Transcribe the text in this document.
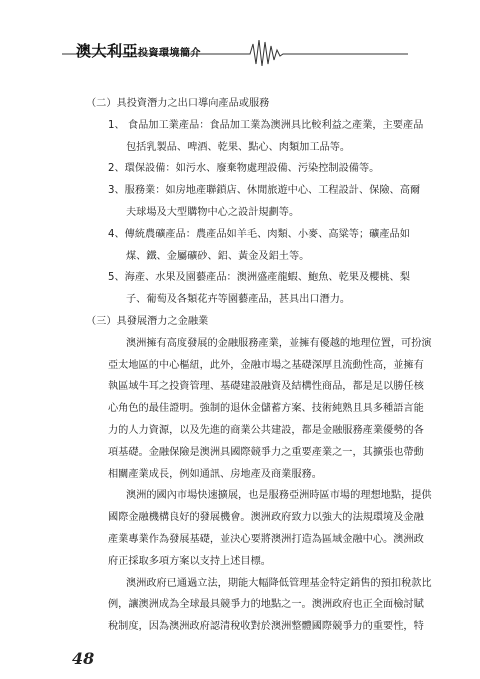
澳大利亞投資環境簡介
（二）具投資潛力之出口導向產品或服務
1、 食品加工業產品：食品加工業為澳洲具比較利益之產業，主要產品
包括乳製品、啤酒、乾果、點心、肉類加工品等。
2、環保設備：如污水、廢棄物處理設備、污染控制設備等。
3、服務業：如房地產聯鎖店、休閒旅遊中心、工程設計、保險、高爾
夫球場及大型購物中心之設計規劃等。
4、傳統農礦產品：農產品如羊毛、肉類、小麥、高粱等；礦產品如
煤、鐵、金屬礦砂、鋁、黃金及鋁土等。
5、海產、水果及園藝產品：澳洲盛產龍蝦、鮑魚、乾果及櫻桃、梨
子、葡萄及各類花卉等園藝產品，甚具出口潛力。
（三）具發展潛力之金融業
澳洲擁有高度發展的金融服務產業，並擁有優越的地理位置，可扮演
亞太地區的中心樞紐，此外，金融市場之基礎深厚且流動性高，並擁有
執區域牛耳之投資管理、基礎建設融資及結構性商品，都是足以勝任核
心角色的最佳證明。強制的退休金儲蓄方案、技術純熟且具多種語言能
力的人力資源，以及先進的商業公共建設，都是金融服務產業優勢的各
項基礎。金融保險是澳洲具國際競爭力之重要產業之一，其擴張也帶動
相關產業成長，例如通訊、房地產及商業服務。
澳洲的國內市場快速擴展，也是服務亞洲時區市場的理想地點，提供
國際金融機構良好的發展機會。澳洲政府致力以強大的法規環境及金融
產業專業作為發展基礎，並決心要將澳洲打造為區域金融中心。澳洲政
府正採取多項方案以支持上述目標。
澳洲政府已通過立法，期能大幅降低管理基金特定銷售的預扣稅款比
例，讓澳洲成為全球最具競爭力的地點之一。澳洲政府也正全面檢討賦
稅制度，因為澳洲政府認清稅收對於澳洲整體國際競爭力的重要性，特
48
